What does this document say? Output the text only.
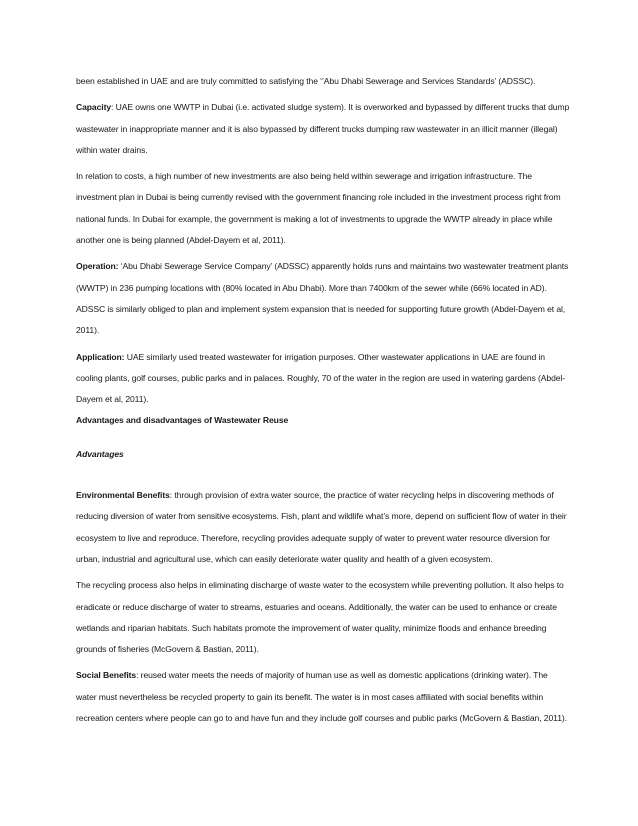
been established in UAE and are truly committed to satisfying the ‘’Abu Dhabi Sewerage and Services Standards’ (ADSSC).

Capacity: UAE owns one WWTP in Dubai (i.e. activated sludge system). It is overworked and bypassed by different trucks that dump wastewater in inappropriate manner and it is also bypassed by different trucks dumping raw wastewater in an illicit manner (illegal) within water drains.

In relation to costs, a high number of new investments are also being held within sewerage and irrigation infrastructure. The investment plan in Dubai is being currently revised with the government financing role included in the investment process right from national funds. In Dubai for example, the government is making a lot of investments to upgrade the WWTP already in place while another one is being planned (Abdel-Dayem et al, 2011).

Operation: ‘Abu Dhabi Sewerage Service Company’ (ADSSC) apparently holds runs and maintains two wastewater treatment plants (WWTP) in 236 pumping locations with (80% located in Abu Dhabi). More than 7400km of the sewer while (66% located in AD). ADSSC is similarly obliged to plan and implement system expansion that is needed for supporting future growth (Abdel-Dayem et al, 2011).

Application: UAE similarly used treated wastewater for irrigation purposes. Other wastewater applications in UAE are found in cooling plants, golf courses, public parks and in palaces. Roughly, 70 of the water in the region are used in watering gardens (Abdel-Dayem et al, 2011).

Advantages and disadvantages of Wastewater Reuse

Advantages

Environmental Benefits: through provision of extra water source, the practice of water recycling helps in discovering methods of reducing diversion of water from sensitive ecosystems. Fish, plant and wildlife what’s more, depend on sufficient flow of water in their ecosystem to live and reproduce. Therefore, recycling provides adequate supply of water to prevent water resource diversion for urban, industrial and agricultural use, which can easily deteriorate water quality and health of a given ecosystem.

The recycling process also helps in eliminating discharge of waste water to the ecosystem while preventing pollution. It also helps to eradicate or reduce discharge of water to streams, estuaries and oceans. Additionally, the water can be used to enhance or create wetlands and riparian habitats. Such habitats promote the improvement of water quality, minimize floods and enhance breeding grounds of fisheries (McGovern & Bastian, 2011).

Social Benefits: reused water meets the needs of majority of human use as well as domestic applications (drinking water). The water must nevertheless be recycled property to gain its benefit. The water is in most cases affiliated with social benefits within recreation centers where people can go to and have fun and they include golf courses and public parks (McGovern & Bastian, 2011).
